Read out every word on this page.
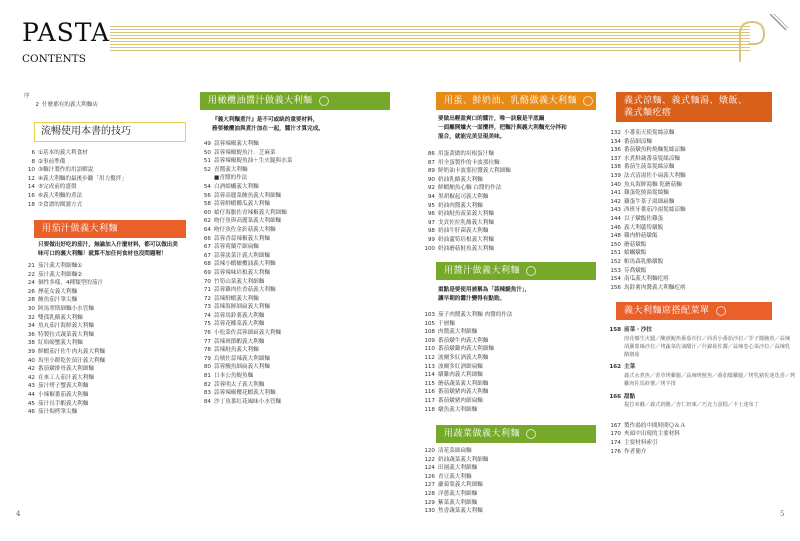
PASTA
CONTENTS
序
2 什麼都有的義大利麵店
流暢使用本書的技巧
6 ①基本的義大利食材
8 ②事前準備
10 ③麵汁製作的用語解說
12 ④義大利麵的最後步驟「用力攪拌」
14 ⑤完成前的盛盤
16 ⑥義大利麵的煮法
18 ⑦食譜的閱讀方式
用茄汁做義大利麵
只要做出好吃的茄汁，無論加入什麼材料，都可以做出美
味可口的義大利麵！就算不加任何食材也沒問題喔！
21 茄汁義大利細麵①
22 茄汁義大利細麵②
24 個性多樣，4種類型的茄汁
26 煙花女義大利麵
28 鮪魚茄汁筆尖麵
30 阿馬翠斯細麵小水管麵
32 雙孤乳酪義大利麵
34 魚丸茄汁海鮮義大利麵
36 特製拉式蔬菜義大利麵
38 紅焰螃蟹義大利麵
39 鮮蝦茄汁佐牛肉丸義大利麵
40 馬里小餅乾佐茄汁義大利麵
42 番茄燉排骨義大利細麵
42 在來工人茄汁義大利麵
43 茄汁烤子蟹義大利麵
44 小辣椒番茄義大利麵
45 茄汁長手蝦義大利麵
46 茄汁焗烤筆尖麵
用橄欖油醬汁做義大利麵
『義大利麵煮汁』是不可或缺的重要材料，
務要橄欖油與煮汁加在一起，醬汁才算完成。
49 蒜蓉辣椒義大利麵
50 蒜蓉辣椒鯷魚汁．芝麻菜
51 蒜蓉辣椒鯷魚油＋生火腿與水菜
52 青醬義大利麵
■青醬的作法
54 白酒蛤蠣義大利麵
56 蒜蓉高麗菜鮪魚義大利細麵
58 蒜蓉鮮蝦櫛瓜義大利麵
60 蛤仔海膽佐青辣椒義大利細麵
62 吻仔魚與高麗菜義大利細麵
64 吻仔魚佐金針菇義大利麵
66 蒜蓉香蒜辣椒義大利麵
67 蒜蓉荷蘭芹細扁麵
67 蒜蓉淡菜汁義大利細麵
68 蒜辣小蝦橄欖油義大利麵
69 蒜蓉辣味培根義大利麵
70 竹筍山菜義大利細麵
71 蒜蓉雞肉佐香菇義大利麵
72 蒜辣鮮蝦義大利麵
73 蒜辣海鮮細扁義大利麵
74 蒜蓉馬鈴薯義大利麵
75 蒜蓉花椰菜義大利麵
76 小松菜佐蒜蓉細扁義大利麵
77 蒜辣斑節蝦義大利麵
78 蒜辣鮭魚義大利麵
79 烏賊佐蒜辣義大利細麵
80 蒜蓉鰻魚細扁義大利麵
81 日本公魚鯷魚麵
82 蒜蓉明太子義大利麵
83 蒜蓉辣椒櫻花蝦義大利麵
84 沙丁魚番紅花風味小水管麵
用蛋、鮮奶油、乳酪做義大利麵
要做出輕盈爽口的醬汁，唯一訣竅是平底鍋
一面離開爐火一面攪拌，把麵汁與義大利麵充分拌和
混合，就能完美呈現美味。
86 用蛋黃做的培根蛋汁麵
87 用全蛋製作的卡波那拉麵
89 鮮奶油卡波那拉醬義大利細麵
90 奶油乳酪義大利麵
92 鮮蝦鮪魚心麵 白醬的作法
94 黑胡椒起司義大利麵
95 奶油肉醬義大利麵
96 奶油鮭魚菠菜義大利麵
97 戈貢佐拉乳酪義大利麵
98 奶油牛肝菌義大利麵
99 奶油蘆筍培根義大利麵
100 奶油蘑菇鮭魚義大利麵
用醬汁做義大利麵
重點是要使用被稱為「蒜辣鯷魚汁」，
讓早期的醬汁變得有點勁。
103 茄子肉醬義大利麵 肉醬的作法
105 千層麵
108 肉醬義大利細麵
109 番茄燉牛肉義大利麵
110 番茄燉雞肉義大利細麵
112 波爾多紅酒義大利麵
113 波爾多紅酒細扁麵
114 燉雞肉義大利細麵
115 蘑菇蔬菜義大利細麵
116 番茄燉豬肉義大利麵
117 番茄燉豬肉細扁麵
118 燉魚義大利細麵
用蔬菜做義大利麵
120 清花菜細扁麵
122 奶油蔬菜義大利細麵
124 田園義大利細麵
126 青豆義大利麵
127 蘿蔔葉義大利細麵
128 洋蔥義大利細麵
129 紫菜義大利細麵
130 焦香蔬菜義大利麵
義式涼麵、義式麵湯、燉飯、
義式麵疙瘩
132 小番茄天使髮絲涼麵
134 番茄細涼麵
136 番茄燉魚粉燒麵髮絲涼麵
137 水煮鮮蔬番茄髮絲涼麵
138 番茄生菠菜髮絲涼麵
139 法式清湯佐小扁義大利麵
140 魚丸海鮮湯麵 乾蘑菇麵
141 雞蛋乾燒湯髮絲麵
142 雞蛋牛茶子湯細扁麵
143 西班牙番茄冷湯髮絲涼麵
144 以子燉飯佐雞蛋
146 義大利蘆筍燉飯
148 雞肉鮮菇燉飯
150 蘑菇燉飯
151 蛤蠣燉飯
152 帕馬森乳酪燉飯
153 芬喬燉飯
154 南瓜義大利麵疙瘩
156 馬鈴薯肉醬義大利麵疙瘩
義大利麵席搭配菜單
158 前菜・沙拉
煎花椰生火腿／醃漬鯷魚番茄沙拉／茴香小番茄沙拉／芥子醬鮪魚／蒜辣
胡蘿蔔絲沙拉／烤蔬菜佐油醋汁／什錦菇佐醬／蒜辣卷心菜沙拉／蒜辣乳
酪燉菇
162 主菜
義式水煮魚／香草烤雞腿／蒜辣烤鮭魚／番茄燉雞腿／烤乳豬佐迷迭香／烤
雞肉佐馬鈴薯／烤羊排
166 甜點
提拉米蘇／義式奶酪／杏仁奶凍／巧克力蛋糕／卡士達布丁
167 製作湯的中間時間Ｑ＆Ａ
170 夾頭中出現的主要材料
174 主要材料索引
176 作者簡介
4	5
